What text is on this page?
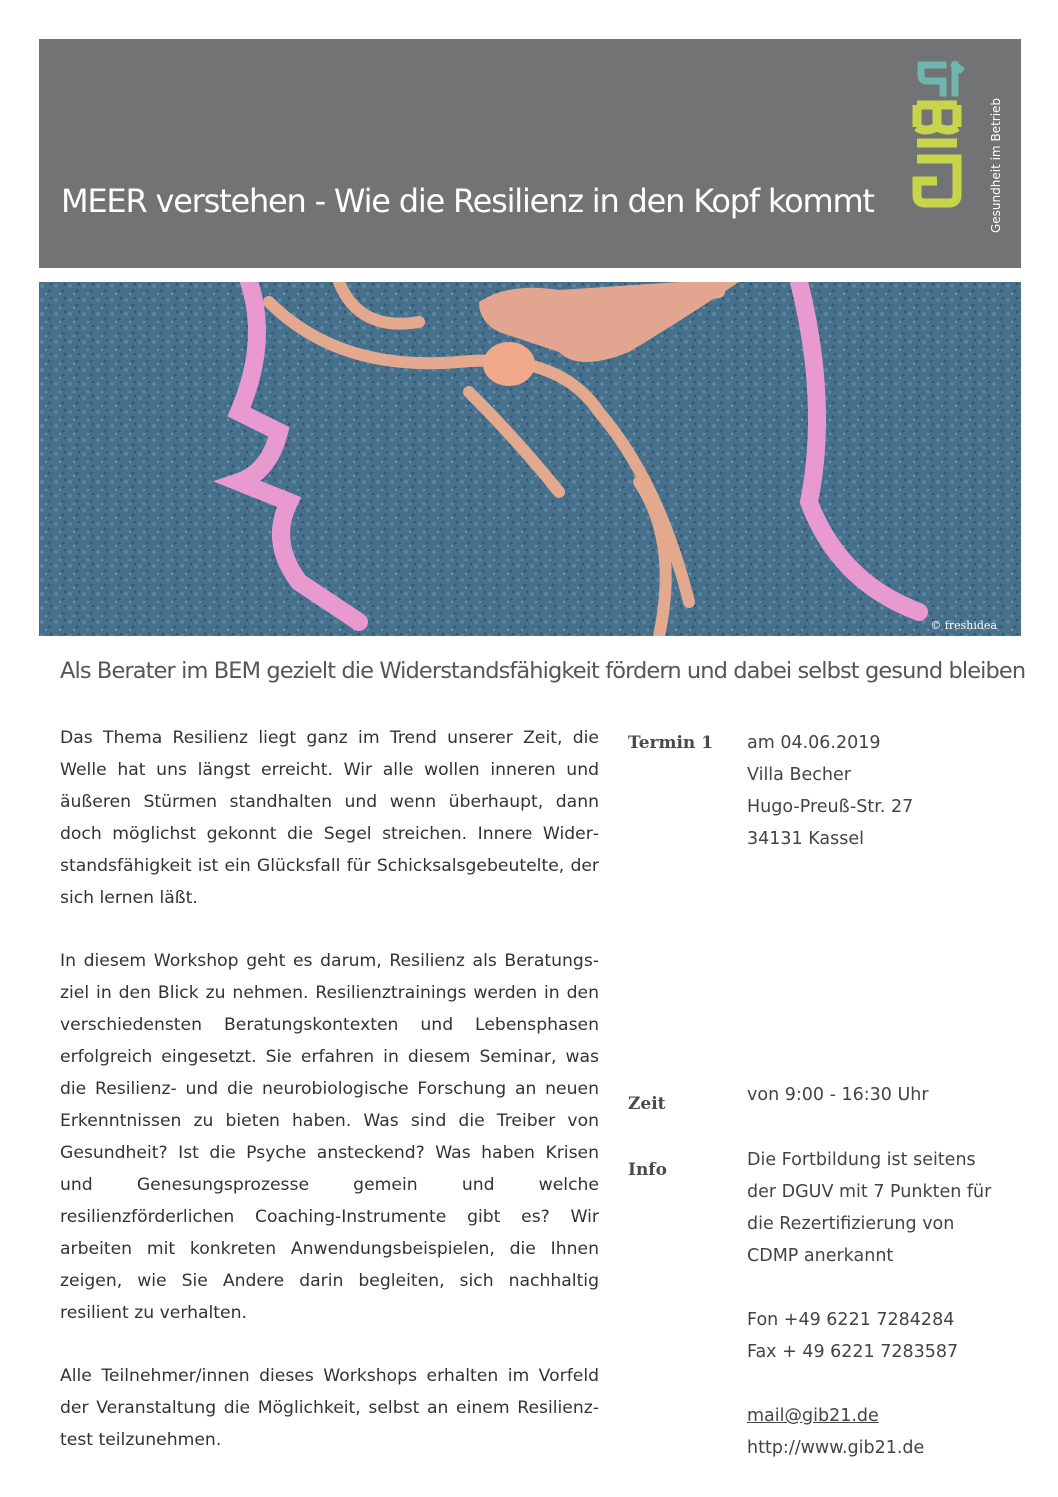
MEER verstehen - Wie die Resilienz in den Kopf kommt	Gesundheit im Betrieb
© freshidea
Als Berater im BEM gezielt die Widerstandsfähigkeit fördern und dabei selbst gesund bleiben

Das Thema Resilienz liegt ganz im Trend unserer Zeit, die Welle hat uns längst erreicht. Wir alle wollen inneren und äußeren Stürmen standhalten und wenn überhaupt, dann doch möglichst gekonnt die Segel streichen. Innere Widerstandsfähigkeit ist ein Glücksfall für Schicksalsgebeutelte, der sich lernen läßt.

In diesem Workshop geht es darum, Resilienz als Beratungsziel in den Blick zu nehmen. Resilienztrainings werden in den verschiedensten Beratungskontexten und Lebensphasen erfolgreich eingesetzt. Sie erfahren in diesem Seminar, was die Resilienz- und die neurobiologische Forschung an neuen Erkenntnissen zu bieten haben. Was sind die Treiber von Gesundheit? Ist die Psyche ansteckend? Was haben Krisen und Genesungsprozesse gemein und welche resilienzförderlichen Coaching-Instrumente gibt es? Wir arbeiten mit konkreten Anwendungsbeispielen, die Ihnen zeigen, wie Sie Andere darin begleiten, sich nachhaltig resilient zu verhalten.

Alle Teilnehmer/innen dieses Workshops erhalten im Vorfeld der Veranstaltung die Möglichkeit, selbst an einem Resilienztest teilzunehmen.

Termin 1 am 04.06.2019
Villa Becher
Hugo-Preuß-Str. 27
34131 Kassel
Zeit	von 9:00 - 16:30 Uhr
Info	Die Fortbildung ist seitens
der DGUV mit 7 Punkten für
die Rezertifizierung von
CDMP anerkannt
Fon +49 6221 7284284
Fax + 49 6221 7283587
mail@gib21.de
http://www.gib21.de
